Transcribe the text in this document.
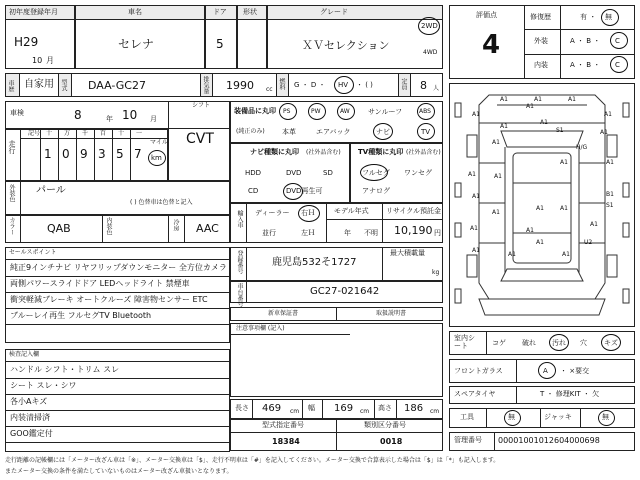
初年度登録年月
H29
10 月
車名
セレナ
ドア
5
形状	グレード
ＸＶセレクション
2WD
4WD
車歴 自家用 型式 DAA-GC27	排気量 1990 cc 燃料 G ・ D ・ HV ・ ( )	定員 8 人
車検	8	年 10 月
シフト
CVT
走行
記号 十 万 千 百 十 一
1 0 9 3 5 7
マイル
km
外装色 パール
( ) 色替車は色替と記入
カラー	QAB	内装色	冷房 AAC
セールスポイント
純正9インチナビ リヤフリップダウンモニター 全方位カメラ
両側パワースライドドア LEDヘッドライト 禁煙車
衝突軽減ブレーキ オートクルーズ 障害物センサー ETC
ブルーレイ再生 フルセグTV Bluetooth
検査記入欄
ハンドル シフト・トリム スレ
シート スレ・シワ
各小Aキズ
内装清掃済
GOO鑑定付
装備品に丸印
(純正のみ)
PS	PW	AW	サンルーフ	ABS
本革	エアバック	ナビ	TV
ナビ種類に丸印 (社外品含む)
HDD	DVD	SD
CD	DVD再生可
TV種類に丸印 (社外品含む)
フルセグ ワンセグ
アナログ
輸入車 ディーラー 右Ｈ
並行	左Ｈ
モデル年式
年 不明
リサイクル預託金
10,190 円
登録番号	鹿児島532そ1727
最大積載量
kg
車台番号	GC27-021642
新車保証書	取扱説明書
注意事項欄 (記入)
長さ 469 cm 幅 169 cm 高さ 186 cm
型式指定番号
18384
類別区分番号
0018
評価点
4
修復歴	有 ・ 無
外装	A ・ B ・ C
内装	A ・ B ・ C
A1	A1	A1
A1	A1
S1
A1
A1
A1
B1
S1
A1
A1
A1	U2
A1
A1
A1
A1
A1
A1
A1
A1
A1
A1
A1
A1
A1	A1
H/G
室内シート	コゲ 破れ 汚れ 穴 キズ
フロントガラス	A ・ ×要交
スペアタイヤ	T ・ 修理KIT ・ 欠
工具	無	ジャッキ	無
管理番号 00001001012604000698
走行距離の記帳欄には「メーター改ざん車は「※」、メーター交換車は「$」、走行不明車は「#」を記入してください。メーター交換で合算表示した場合は「$」は「*」も記入します。
またメーター交換の条件を満たしていないものはメーター改ざん車扱いとなります。
